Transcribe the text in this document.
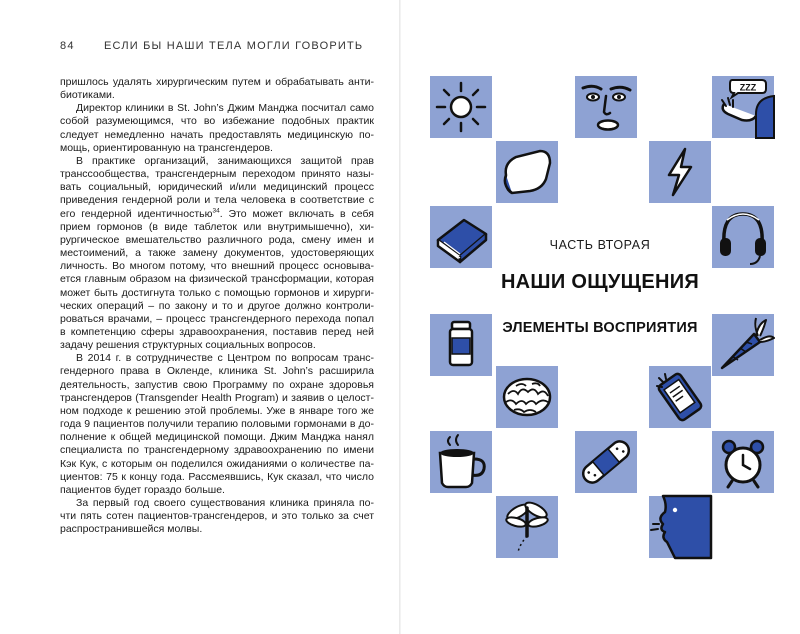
84	ЕСЛИ БЫ НАШИ ТЕЛА МОГЛИ ГОВОРИТЬ

пришлось удалять хирургическим путем и обрабатывать антибиотиками.

Директор клиники в St. John’s Джим Манджа посчитал само собой разумеющимся, что во избежание подобных практик следует немедленно начать предоставлять медицинскую помощь, ориентированную на трансгендеров.

В практике организаций, занимающихся защитой прав транссообщества, трансгендерным переходом принято называть социальный, юридический и/или медицинский процесс приведения гендерной роли и тела человека в соответствие с его гендерной идентичностью$^{34}$. Это может включать в себя прием гормонов (в виде таблеток или внутримышечно), хирургическое вмешательство различного рода, смену имен и местоимений, а также замену документов, удостоверяющих личность. Во многом потому, что внешний процесс основывается главным образом на физической трансформации, которая может быть достигнута только с помощью гормонов и хирургических операций – по закону и то и другое должно контролироваться врачами, – процесс трансгендерного перехода попал в компетенцию сферы здравоохранения, поставив перед ней задачу решения структурных социальных вопросов.

В 2014 г. в сотрудничестве с Центром по вопросам трансгендерного права в Окленде, клиника St. John’s расширила деятельность, запустив свою Программу по охране здоровья трансгендеров (Transgender Health Program) и заявив о целостном подходе к решению этой проблемы. Уже в январе того же года 9 пациентов получили терапию половыми гормонами в дополнение к общей медицинской помощи. Джим Манджа нанял специалиста по трансгендерному здравоохранению по имени Кэк Кук, с которым он поделился ожиданиями о количестве пациентов: 75 к концу года. Рассмеявшись, Кук сказал, что число пациентов будет гораздо больше.

За первый год своего существования клиника приняла почти пять сотен пациентов-трансгендеров, и это только за счет распространившейся молвы.

ZZZ
ЧАСТЬ ВТОРАЯ
НАШИ ОЩУЩЕНИЯ
ЭЛЕМЕНТЫ ВОСПРИЯТИЯ
